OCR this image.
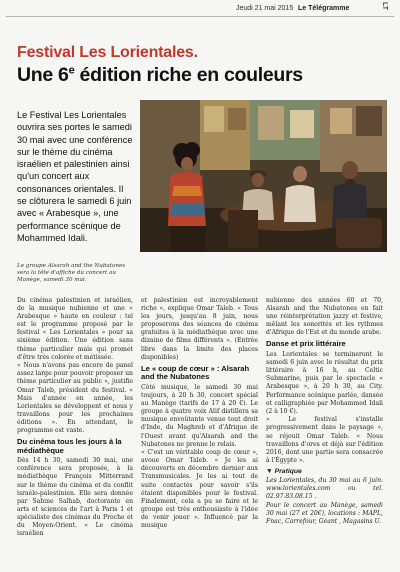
Jeudi 21 mai 2015 Le Télégramme	LT
Festival Les Lorientales.
Une 6e édition riche en couleurs

Le Festival Les Lorientales ouvrira ses portes le samedi 30 mai avec une conférence sur le thème du cinéma israélien et palestinien ainsi qu'un concert aux consonances orientales. Il se clôturera le samedi 6 juin avec « Arabesque », une performance scénique de Mohammed Idali.

Le groupe Alsarah and the Nubatones sera la tête d'affiche du concert au Manège, samedi 30 mai.

Du cinéma palestinien et israélien, de la musique nubienne et une « Arabesque » haute en couleur : tel est le programme proposé par le festival « Les Lorientales » pour sa sixième édition. Une édition sans thème particulier mais qui promet d'être très colorée et métissée.

« Nous n'avons pas encore de panel assez large pour pouvoir proposer un thème particulier au public », justifie Omar Taleb, président du festival. « Mais d'année en année, les Lorientales se développent et nous y travaillons pour les prochaines éditions ». En attendant, le programme est vaste.

Du cinéma tous les jours à la médiathèque

Dès 14 h 30, samedi 30 mai, une conférence sera proposée, à la médiathèque François Mitterrand sur le thème du cinéma et du conflit israélo-palestinien. Elle sera donnée par Sabine Salhab, doctorante en arts et sciences de l'art à Paris 1 et spécialiste des cinémas du Proche et du Moyen-Orient. « Le cinéma israélien

et palestinien est incroyablement riche », explique Omar Taleb. « Tous les jours, jusqu'au 8 juin, nous proposerons des séances de cinéma gratuites à la médiathèque avec une dizaine de films différents ». (Entrée libre dans la limite des places disponibles)

Le « coup de cœur » : Alsarah and the Nubatones

Côté musique, le samedi 30 mai toujours, à 20 h 30, concert spécial au Manège (tarifs de 17 à 20 €). Le groupe à quatre voix Alif distillera sa musique envoûtante venue tout droit d'Inde, du Maghreb et d'Afrique de l'Ouest avant qu'Alsarah and the Nubatones ne prenne le relais.

« C'est un véritable coup de cœur », avoue Omar Taleb. « Je les ai découverts en décembre dernier aux Transmusicales. Je les ai tout de suite contactés pour savoir s'ils étaient disponibles pour le festival. Finalement, cela a pu se faire et le groupe est très enthousiaste à l'idée de venir jouer ». Influencé par la musique

nubienne des années 60 et 70, Alsarah and the Nubatones en fait une réinterprétation jazzy et festive, mêlant les sonorités et les rythmes d'Afrique de l'Est et du monde arabe.

Danse et prix littéraire

Les Lorientales se termineront le samedi 6 juin avec le résultat du prix littéraire à 16 h, au Celtic Submarine, puis par le spectacle « Arabesque », à 20 h 30, au City. Performance scénique parlée, dansée et calligraphiée par Mohammed Idali (2 à 10 €).

« Le festival s'installe progressivement dans le paysage », se réjouit Omar Taleb. « Nous travaillons d'ores et déjà sur l'édition 2016, dont une partie sera consacrée à l'Égypte ».

▼ Pratique

Les Lorientales, du 30 mai au 6 juin. www.lorientales.com ou tel. 02.97.83.08.15 .

Pour le concert au Manège, samedi 30 mai (27 et 20€), locations : MAPL, Fnac, Carrefour, Géant , Magasins U.
